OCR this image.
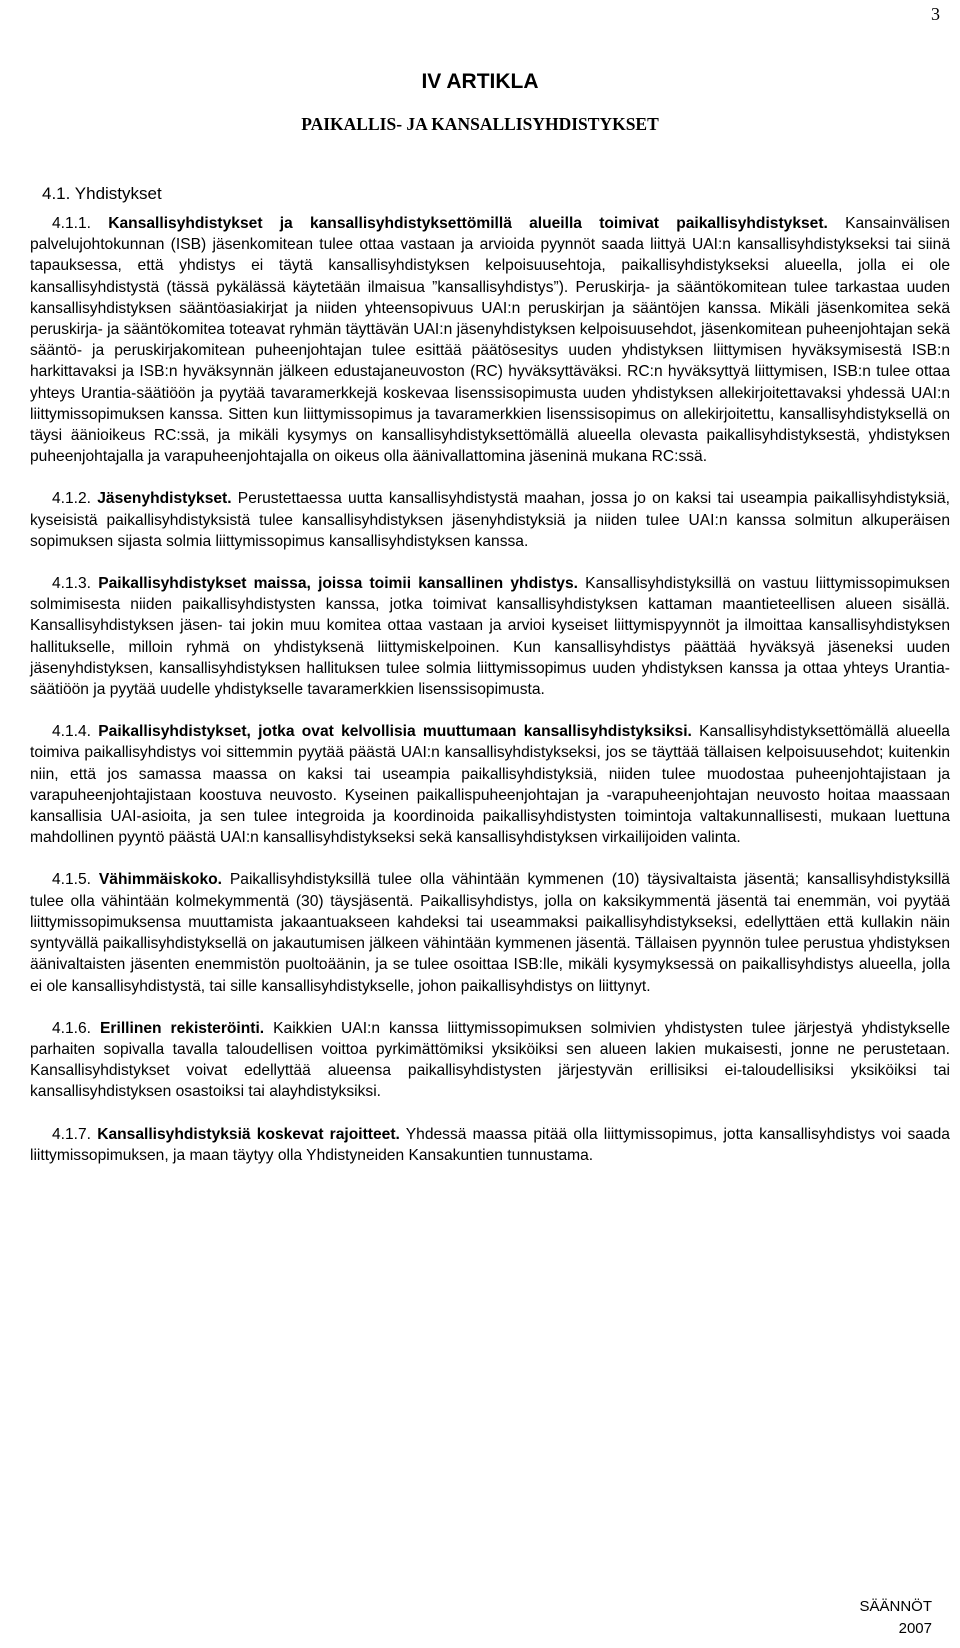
3
IV ARTIKLA
PAIKALLIS- JA KANSALLISYHDISTYKSET
4.1. Yhdistykset

4.1.1. Kansallisyhdistykset ja kansallisyhdistyksettömillä alueilla toimivat paikallisyhdistykset. Kansainvälisen palvelujohtokunnan (ISB) jäsenkomitean tulee ottaa vastaan ja arvioida pyynnöt saada liittyä UAI:n kansallisyhdistykseksi tai siinä tapauksessa, että yhdistys ei täytä kansallisyhdistyksen kelpoisuusehtoja, paikallisyhdistykseksi alueella, jolla ei ole kansallisyhdistystä (tässä pykälässä käytetään ilmaisua ”kansallisyhdistys”). Peruskirja- ja sääntökomitean tulee tarkastaa uuden kansallisyhdistyksen sääntöasiakirjat ja niiden yhteensopivuus UAI:n peruskirjan ja sääntöjen kanssa. Mikäli jäsenkomitea sekä peruskirja- ja sääntökomitea toteavat ryhmän täyttävän UAI:n jäsenyhdistyksen kelpoisuusehdot, jäsenkomitean puheenjohtajan sekä sääntö- ja peruskirjakomitean puheenjohtajan tulee esittää päätösesitys uuden yhdistyksen liittymisen hyväksymisestä ISB:n harkittavaksi ja ISB:n hyväksynnän jälkeen edustajaneuvoston (RC) hyväksyttäväksi. RC:n hyväksyttyä liittymisen, ISB:n tulee ottaa yhteys Urantia-säätiöön ja pyytää tavaramerkkejä koskevaa lisenssisopimusta uuden yhdistyksen allekirjoitettavaksi yhdessä UAI:n liittymissopimuksen kanssa. Sitten kun liittymissopimus ja tavaramerkkien lisenssisopimus on allekirjoitettu, kansallisyhdistyksellä on täysi äänioikeus RC:ssä, ja mikäli kysymys on kansallisyhdistyksettömällä alueella olevasta paikallisyhdistyksestä, yhdistyksen puheenjohtajalla ja varapuheenjohtajalla on oikeus olla äänivallattomina jäseninä mukana RC:ssä.

4.1.2. Jäsenyhdistykset. Perustettaessa uutta kansallisyhdistystä maahan, jossa jo on kaksi tai useampia paikallisyhdistyksiä, kyseisistä paikallisyhdistyksistä tulee kansallisyhdistyksen jäsenyhdistyksiä ja niiden tulee UAI:n kanssa solmitun alkuperäisen sopimuksen sijasta solmia liittymissopimus kansallisyhdistyksen kanssa.

4.1.3. Paikallisyhdistykset maissa, joissa toimii kansallinen yhdistys. Kansallisyhdistyksillä on vastuu liittymissopimuksen solmimisesta niiden paikallisyhdistysten kanssa, jotka toimivat kansallisyhdistyksen kattaman maantieteellisen alueen sisällä. Kansallisyhdistyksen jäsen- tai jokin muu komitea ottaa vastaan ja arvioi kyseiset liittymispyynnöt ja ilmoittaa kansallisyhdistyksen hallitukselle, milloin ryhmä on yhdistyksenä liittymiskelpoinen. Kun kansallisyhdistys päättää hyväksyä jäseneksi uuden jäsenyhdistyksen, kansallisyhdistyksen hallituksen tulee solmia liittymissopimus uuden yhdistyksen kanssa ja ottaa yhteys Urantia-säätiöön ja pyytää uudelle yhdistykselle tavaramerkkien lisenssisopimusta.

4.1.4. Paikallisyhdistykset, jotka ovat kelvollisia muuttumaan kansallisyhdistyksiksi. Kansallisyhdistyksettömällä alueella toimiva paikallisyhdistys voi sittemmin pyytää päästä UAI:n kansallisyhdistykseksi, jos se täyttää tällaisen kelpoisuusehdot; kuitenkin niin, että jos samassa maassa on kaksi tai useampia paikallisyhdistyksiä, niiden tulee muodostaa puheenjohtajistaan ja varapuheenjohtajistaan koostuva neuvosto. Kyseinen paikallispuheenjohtajan ja -varapuheenjohtajan neuvosto hoitaa maassaan kansallisia UAI-asioita, ja sen tulee integroida ja koordinoida paikallisyhdistysten toimintoja valtakunnallisesti, mukaan luettuna mahdollinen pyyntö päästä UAI:n kansallisyhdistykseksi sekä kansallisyhdistyksen virkailijoiden valinta.

4.1.5. Vähimmäiskoko. Paikallisyhdistyksillä tulee olla vähintään kymmenen (10) täysivaltaista jäsentä; kansallisyhdistyksillä tulee olla vähintään kolmekymmentä (30) täysjäsentä. Paikallisyhdistys, jolla on kaksikymmentä jäsentä tai enemmän, voi pyytää liittymissopimuksensa muuttamista jakaantuakseen kahdeksi tai useammaksi paikallisyhdistykseksi, edellyttäen että kullakin näin syntyvällä paikallisyhdistyksellä on jakautumisen jälkeen vähintään kymmenen jäsentä. Tällaisen pyynnön tulee perustua yhdistyksen äänivaltaisten jäsenten enemmistön puoltoäänin, ja se tulee osoittaa ISB:lle, mikäli kysymyksessä on paikallisyhdistys alueella, jolla ei ole kansallisyhdistystä, tai sille kansallisyhdistykselle, johon paikallisyhdistys on liittynyt.

4.1.6. Erillinen rekisteröinti. Kaikkien UAI:n kanssa liittymissopimuksen solmivien yhdistysten tulee järjestyä yhdistykselle parhaiten sopivalla tavalla taloudellisen voittoa pyrkimättömiksi yksiköiksi sen alueen lakien mukaisesti, jonne ne perustetaan. Kansallisyhdistykset voivat edellyttää alueensa paikallisyhdistysten järjestyvän erillisiksi ei-taloudellisiksi yksiköiksi tai kansallisyhdistyksen osastoiksi tai alayhdistyksiksi.

4.1.7. Kansallisyhdistyksiä koskevat rajoitteet. Yhdessä maassa pitää olla liittymissopimus, jotta kansallisyhdistys voi saada liittymissopimuksen, ja maan täytyy olla Yhdistyneiden Kansakuntien tunnustama.

SÄÄNNÖT
2007
